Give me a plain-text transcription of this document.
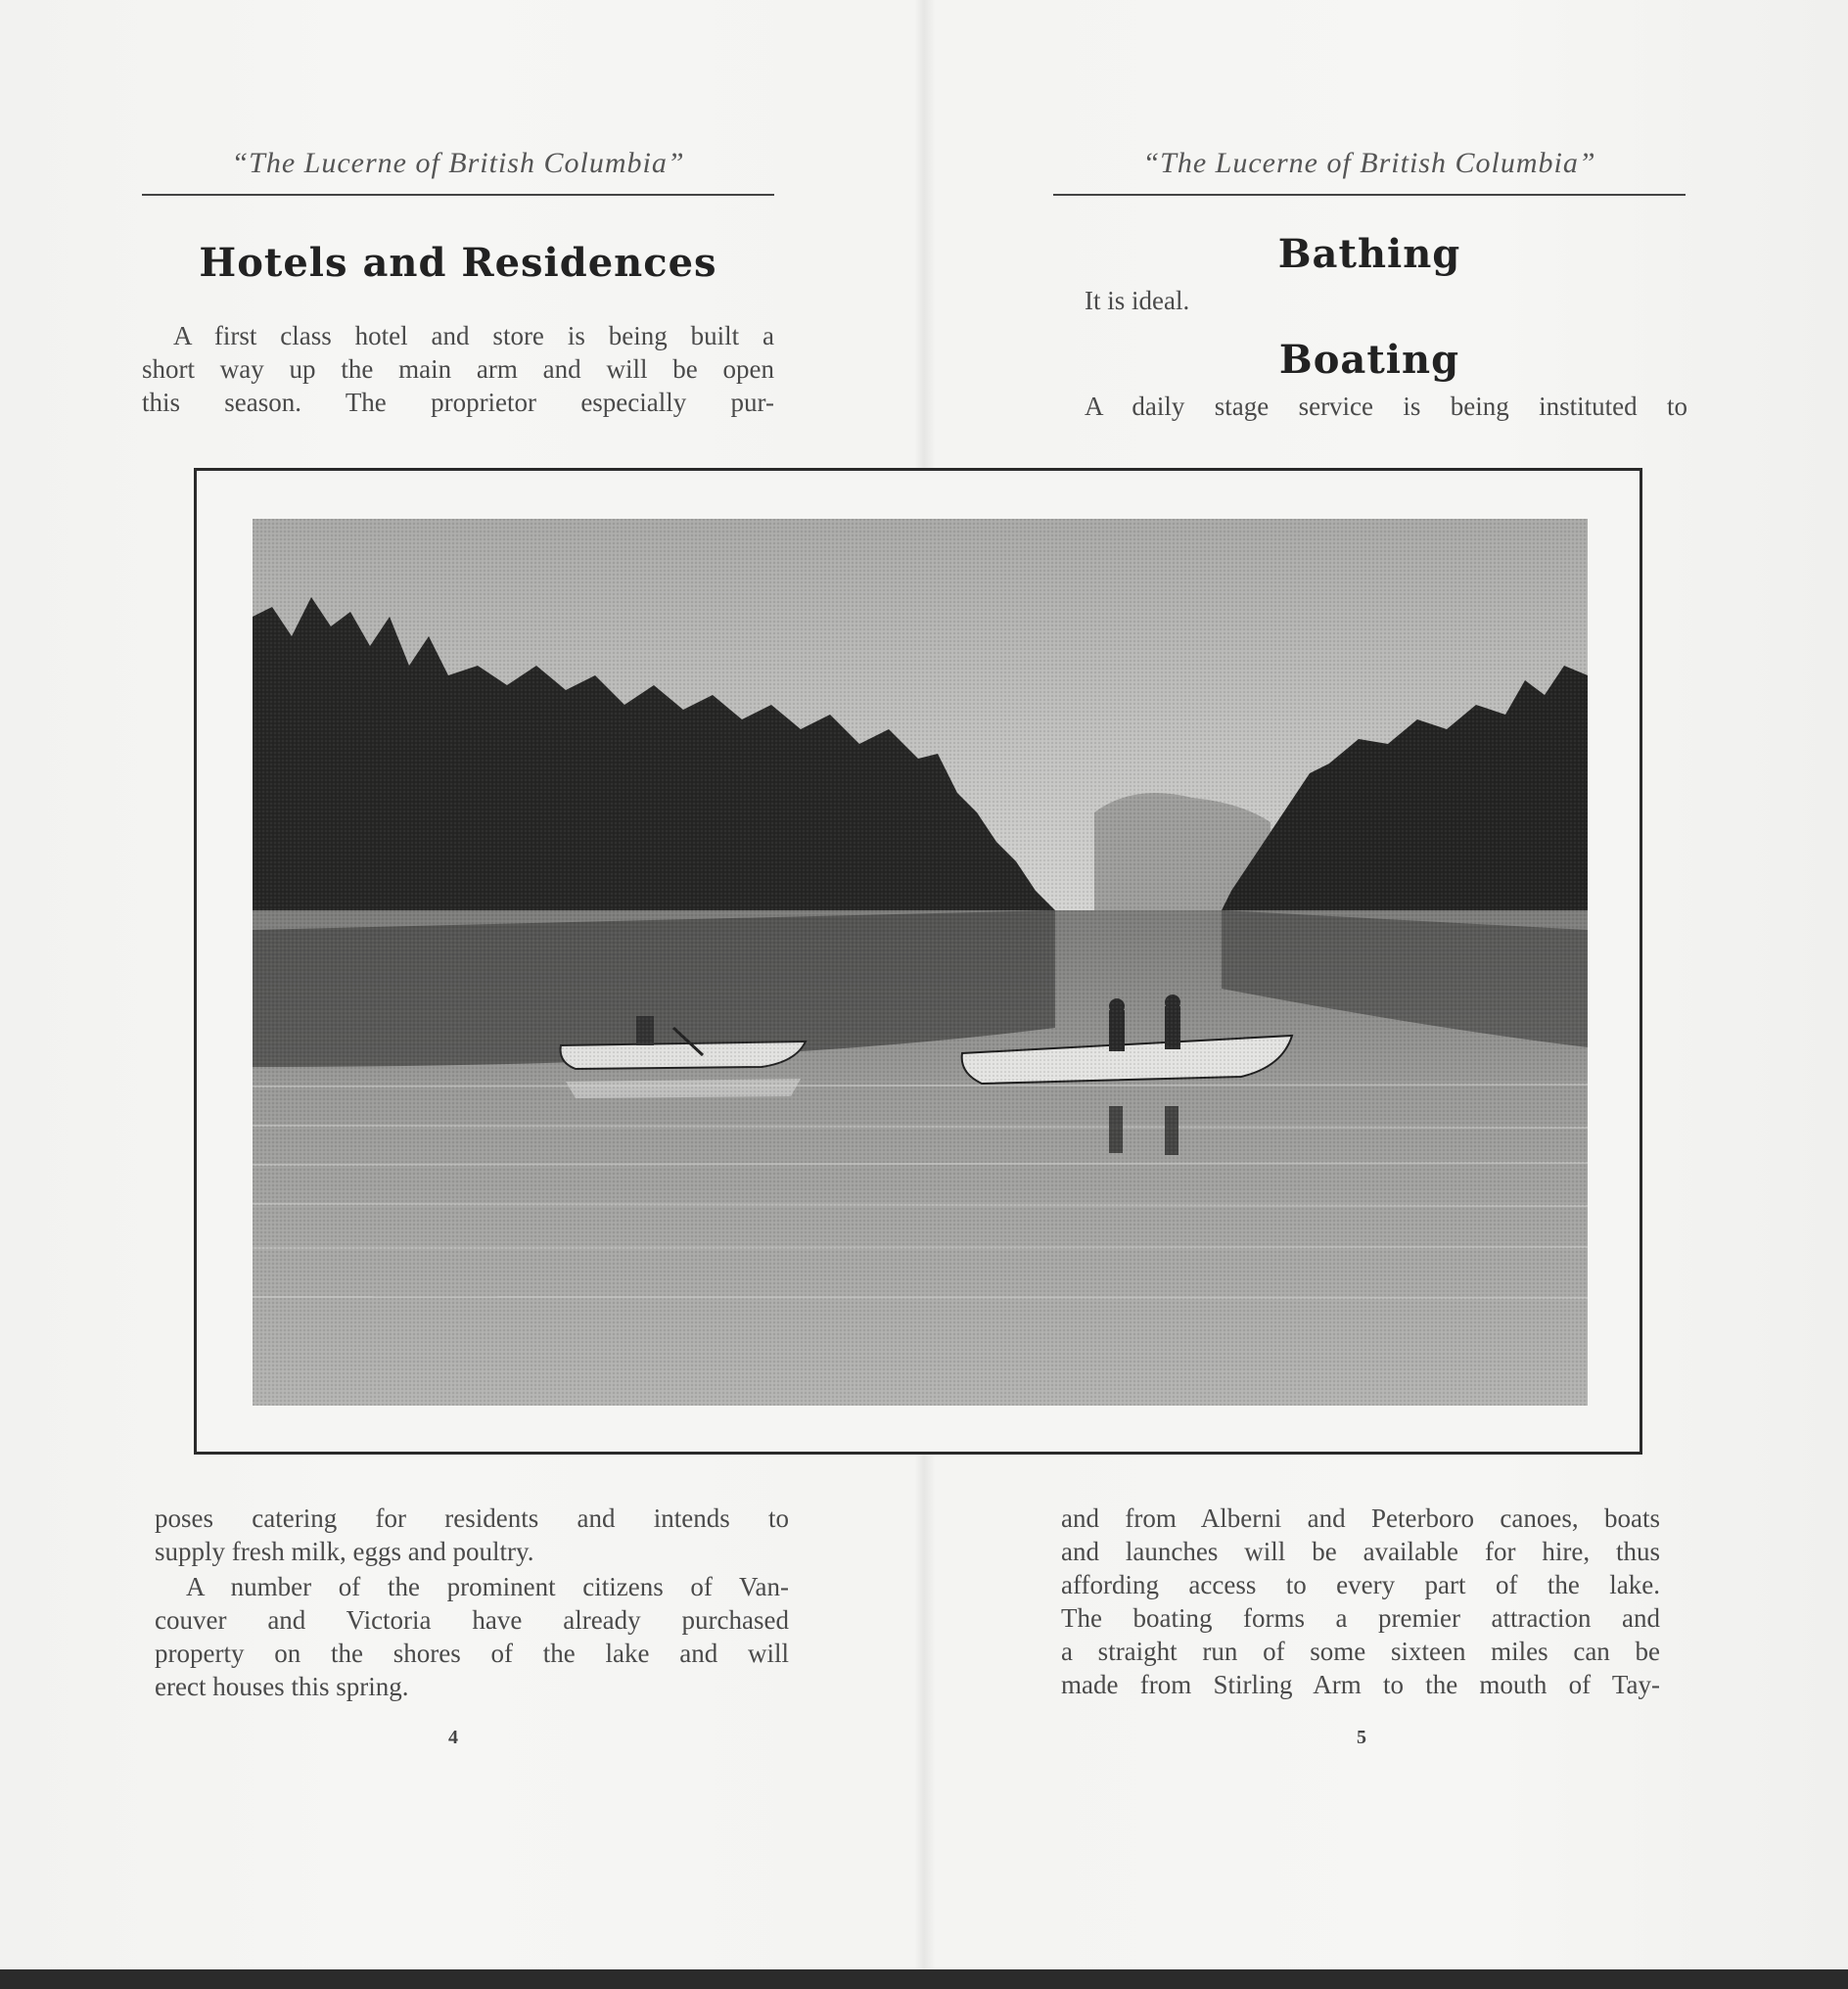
“The Lucerne of British Columbia”
Hotels and Residences
A first class hotel and store is being built a
short way up the main arm and will be open
this season. The proprietor especially pur-
poses catering for residents and intends to
supply fresh milk, eggs and poultry.
A number of the prominent citizens of Van-
couver and Victoria have already purchased
property on the shores of the lake and will
erect houses this spring.
4
“The Lucerne of British Columbia”
Bathing
It is ideal.
Boating
A daily stage service is being instituted to
and from Alberni and Peterboro canoes, boats
and launches will be available for hire, thus
affording access to every part of the lake.
The boating forms a premier attraction and
a straight run of some sixteen miles can be
made from Stirling Arm to the mouth of Tay-
5
